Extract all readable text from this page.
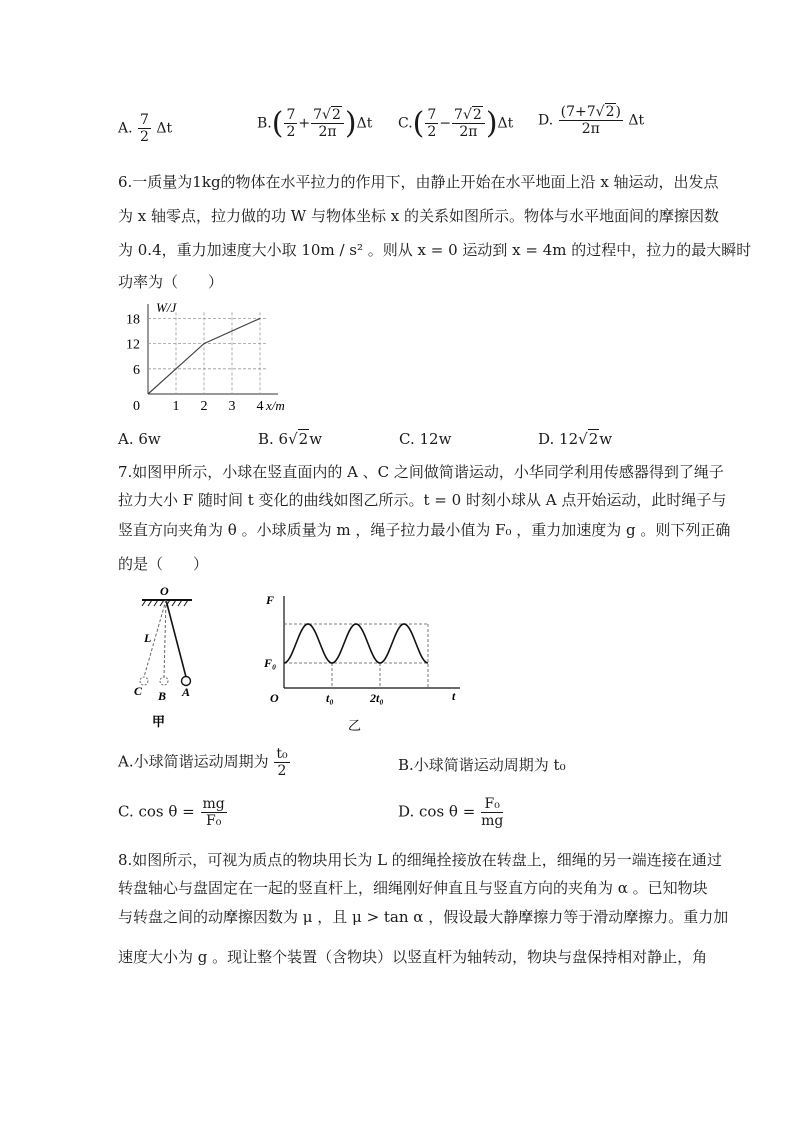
A. $\frac{7}{2}$ Δt	$B.( \frac{7}{2} + \frac{7√2}{2\pi} )\Delta t$ $C.( \frac{7}{2} - \frac{7√2}{2\pi} )\Delta t$ D. $\frac{(7+7√2)}{2\pi}$ Δt
6.一质量为1kg的物体在水平拉力的作用下，由静止开始在水平地面上沿 x 轴运动，出发点
为 x 轴零点，拉力做的功 W 与物体坐标 x 的关系如图所示。物体与水平地面间的摩擦因数
为 0.4，重力加速度大小取 10m / s² 。则从 x = 0 运动到 x = 4m 的过程中，拉力的最大瞬时
功率为（　　）
18
12
6
0 1 2 3 4
W/J
x/m
A. 6w	B. 6√2w	C. 12w	D. 12√2w
7.如图甲所示，小球在竖直面内的 A 、C 之间做简谐运动，小华同学利用传感器得到了绳子
拉力大小 F 随时间 t 变化的曲线如图乙所示。t = 0 时刻小球从 A 点开始运动，此时绳子与
竖直方向夹角为 θ 。小球质量为 m ，绳子拉力最小值为 F₀ ，重力加速度为 g 。则下列正确
的是（　　）
O
L
C B A
甲
F
F₀
O	t₀	2t₀	t
乙
A.小球简谐运动周期为 $\frac{\text{t₀}}{2}$	B.小球简谐运动周期为 t₀
C. $\cos \theta = \frac{mg}{\text{F₀}}$	D. $\cos \theta = \frac{\text{F₀}}{mg}$
8.如图所示，可视为质点的物块用长为 L 的细绳拴接放在转盘上，细绳的另一端连接在通过
转盘轴心与盘固定在一起的竖直杆上，细绳刚好伸直且与竖直方向的夹角为 α 。已知物块
与转盘之间的动摩擦因数为 μ ，且 μ > tan α ，假设最大静摩擦力等于滑动摩擦力。重力加
速度大小为 g 。现让整个装置（含物块）以竖直杆为轴转动，物块与盘保持相对静止，角
